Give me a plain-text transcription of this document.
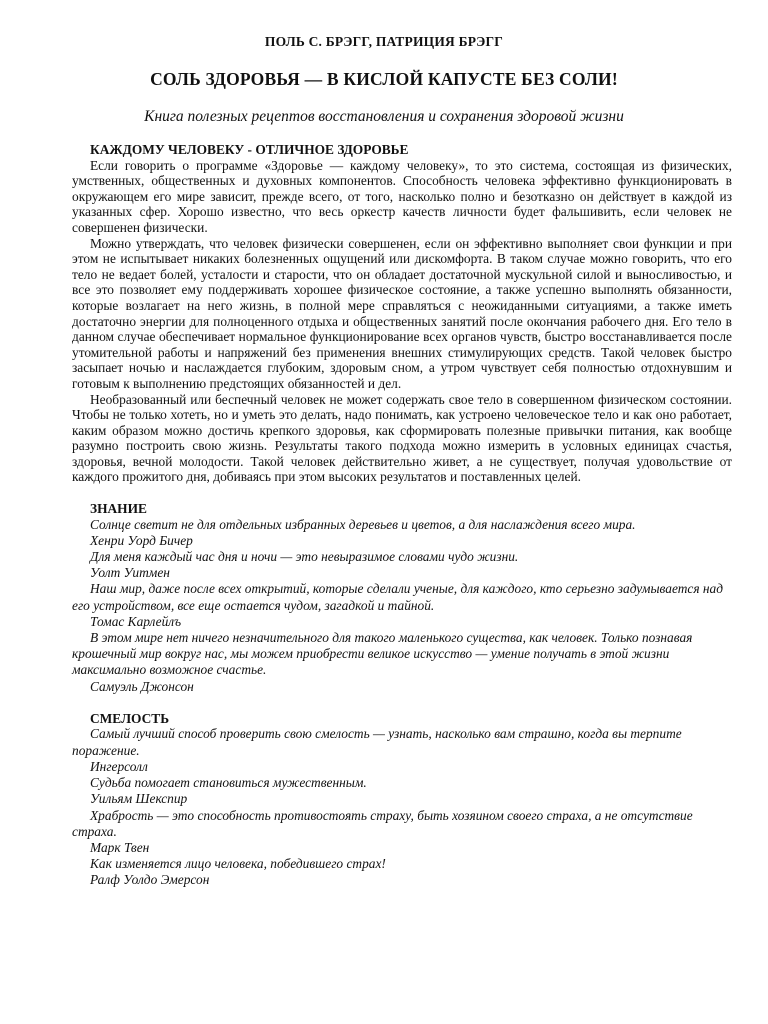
ПОЛЬ С. БРЭГГ, ПАТРИЦИЯ БРЭГГ
СОЛЬ ЗДОРОВЬЯ — В КИСЛОЙ КАПУСТЕ БЕЗ СОЛИ!
Книга полезных рецептов восстановления и сохранения здоровой жизни
КАЖДОМУ ЧЕЛОВЕКУ - ОТЛИЧНОЕ ЗДОРОВЬЕ

Если говорить о программе «Здоровье — каждому человеку», то это система, состоящая из физических, умственных, общественных и духовных компонентов. Способность человека эффективно функционировать в окружающем его мире зависит, прежде всего, от того, насколько полно и безотказно он действует в каждой из указанных сфер. Хорошо известно, что весь оркестр качеств личности будет фальшивить, если человек не совершенен физически.

Можно утверждать, что человек физически совершенен, если он эффективно выполняет свои функции и при этом не испытывает никаких болезненных ощущений или дискомфорта. В таком случае можно говорить, что его тело не ведает болей, усталости и старости, что он обладает достаточной мускульной силой и выносливостью, и все это позволяет ему поддерживать хорошее физическое состояние, а также успешно выполнять обязанности, которые возлагает на него жизнь, в полной мере справляться с неожиданными ситуациями, а также иметь достаточно энергии для полноценного отдыха и общественных занятий после окончания рабочего дня. Его тело в данном случае обеспечивает нормальное функционирование всех органов чувств, быстро восстанавливается после утомительной работы и напряжений без применения внешних стимулирующих средств. Такой человек быстро засыпает ночью и наслаждается глубоким, здоровым сном, а утром чувствует себя полностью отдохнувшим и готовым к выполнению предстоящих обязанностей и дел.

Необразованный или беспечный человек не может содержать свое тело в совершенном физическом состоянии. Чтобы не только хотеть, но и уметь это делать, надо понимать, как устроено человеческое тело и как оно работает, каким образом можно достичь крепкого здоровья, как сформировать полезные привычки питания, как вообще разумно построить свою жизнь. Результаты такого подхода можно измерить в условных единицах счастья, здоровья, вечной молодости. Такой человек действительно живет, а не существует, получая удовольствие от каждого прожитого дня, добиваясь при этом высоких результатов и поставленных целей.

ЗНАНИЕ

Солнце светит не для отдельных избранных деревьев и цветов, а для наслаждения всего мира.

Хенри Уорд Бичер

Для меня каждый час дня и ночи — это невыразимое словами чудо жизни.

Уолт Уитмен

Наш мир, даже после всех открытий, которые сделали ученые, для каждого, кто серьезно задумывается над его устройством, все еще остается чудом, загадкой и тайной.

Томас Карлейлъ

В этом мире нет ничего незначительного для такого маленького существа, как человек. Только познавая крошечный мир вокруг нас, мы можем приобрести великое искусство — умение получать в этой жизни максимально возможное счастье.

Самуэль Джонсон

СМЕЛОСТЬ

Самый лучший способ проверить свою смелость — узнать, насколько вам страшно, когда вы терпите поражение.

Ингерсолл

Судьба помогает становиться мужественным.

Уильям Шекспир

Храбрость — это способность противостоять страху, быть хозяином своего страха, а не отсутствие страха.

Марк Твен

Как изменяется лицо человека, победившего страх!

Ралф Уолдо Эмерсон
